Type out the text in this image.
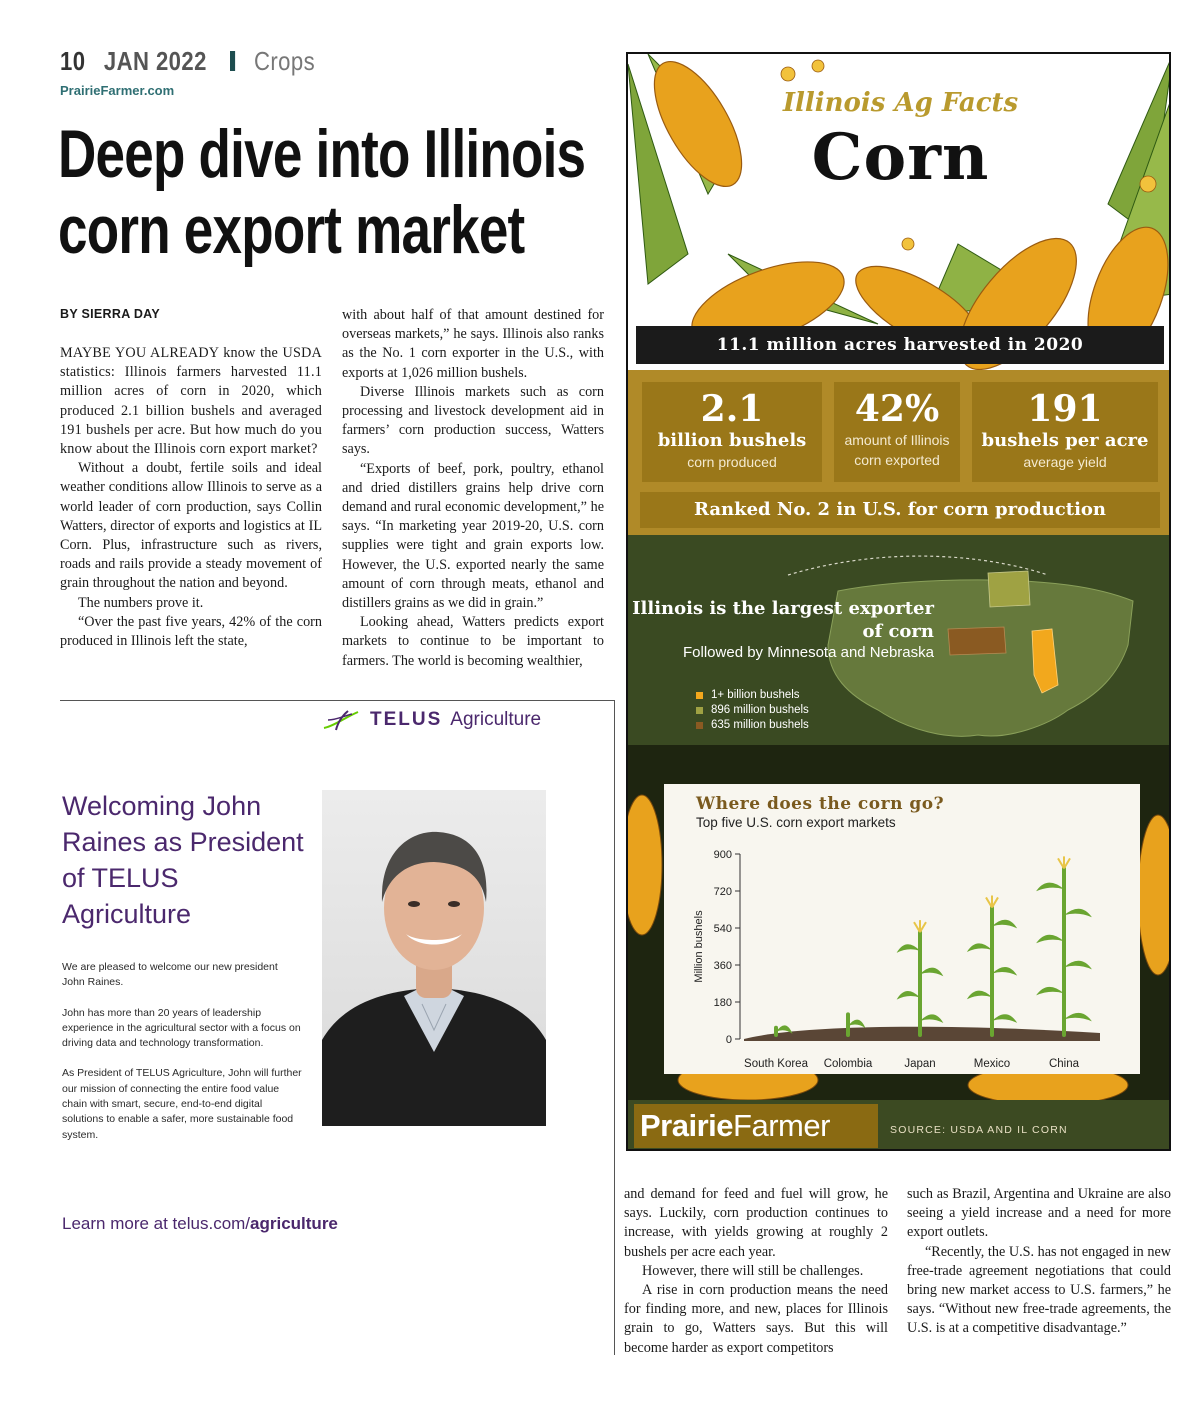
10 JAN 2022 Crops
PrairieFarmer.com
Deep dive into Illinois
corn export market
BY SIERRA DAY

MAYBE YOU ALREADY know the USDA statistics: Illinois farmers harvested 11.1 million acres of corn in 2020, which produced 2.1 billion bushels and averaged 191 bushels per acre. But how much do you know about the Illinois corn export market?

Without a doubt, fertile soils and ideal weather conditions allow Illinois to serve as a world leader of corn production, says Collin Watters, director of exports and logistics at IL Corn. Plus, infrastructure such as rivers, roads and rails provide a steady movement of grain throughout the nation and beyond.

The numbers prove it.

“Over the past five years, 42% of the corn produced in Illinois left the state,

with about half of that amount destined for overseas markets,” he says. Illinois also ranks as the No. 1 corn exporter in the U.S., with exports at 1,026 million bushels.

Diverse Illinois markets such as corn processing and livestock development aid in farmers’ corn production success, Watters says.

“Exports of beef, pork, poultry, ethanol and dried distillers grains help drive corn demand and rural economic development,” he says. “In marketing year 2019-20, U.S. corn supplies were tight and grain exports low. However, the U.S. exported nearly the same amount of corn through meats, ethanol and distillers grains as we did in grain.”

Looking ahead, Watters predicts export markets to continue to be important to farmers. The world is becoming wealthier,

and demand for feed and fuel will grow, he says. Luckily, corn production continues to increase, with yields growing at roughly 2 bushels per acre each year.

However, there will still be challenges.

A rise in corn production means the need for finding more, and new, places for Illinois grain to go, Watters says. But this will become harder as export competitors

such as Brazil, Argentina and Ukraine are also seeing a yield increase and a need for more export outlets.

“Recently, the U.S. has not engaged in new free-trade agreement negotiations that could bring new market access to U.S. farmers,” he says. “Without new free-trade agreements, the U.S. is at a competitive disadvantage.”

TELUS Agriculture
Welcoming John Raines as President of TELUS Agriculture

We are pleased to welcome our new president John Raines.

John has more than 20 years of leadership experience in the agricultural sector with a focus on driving data and technology transformation.

As President of TELUS Agriculture, John will further our mission of connecting the entire food value chain with smart, secure, end-to-end digital solutions to enable a safer, more sustainable food system.

Learn more at telus.com/agriculture
Illinois Ag Facts
Corn
11.1 million acres harvested in 2020
2.1
billion bushels
corn produced
42%
amount of Illinois corn exported
191
bushels per acre
average yield
Ranked No. 2 in U.S. for corn production
Illinois is the largest exporter of corn
Followed by Minnesota and Nebraska
1+ billion bushels
896 million bushels
635 million bushels
Where does the corn go?
Top five U.S. corn export markets
Million bushels
0
180
360
540
720
900
South Korea Colombia	Japan	Mexico	China
PrairieFarmer	SOURCE: USDA AND IL CORN
